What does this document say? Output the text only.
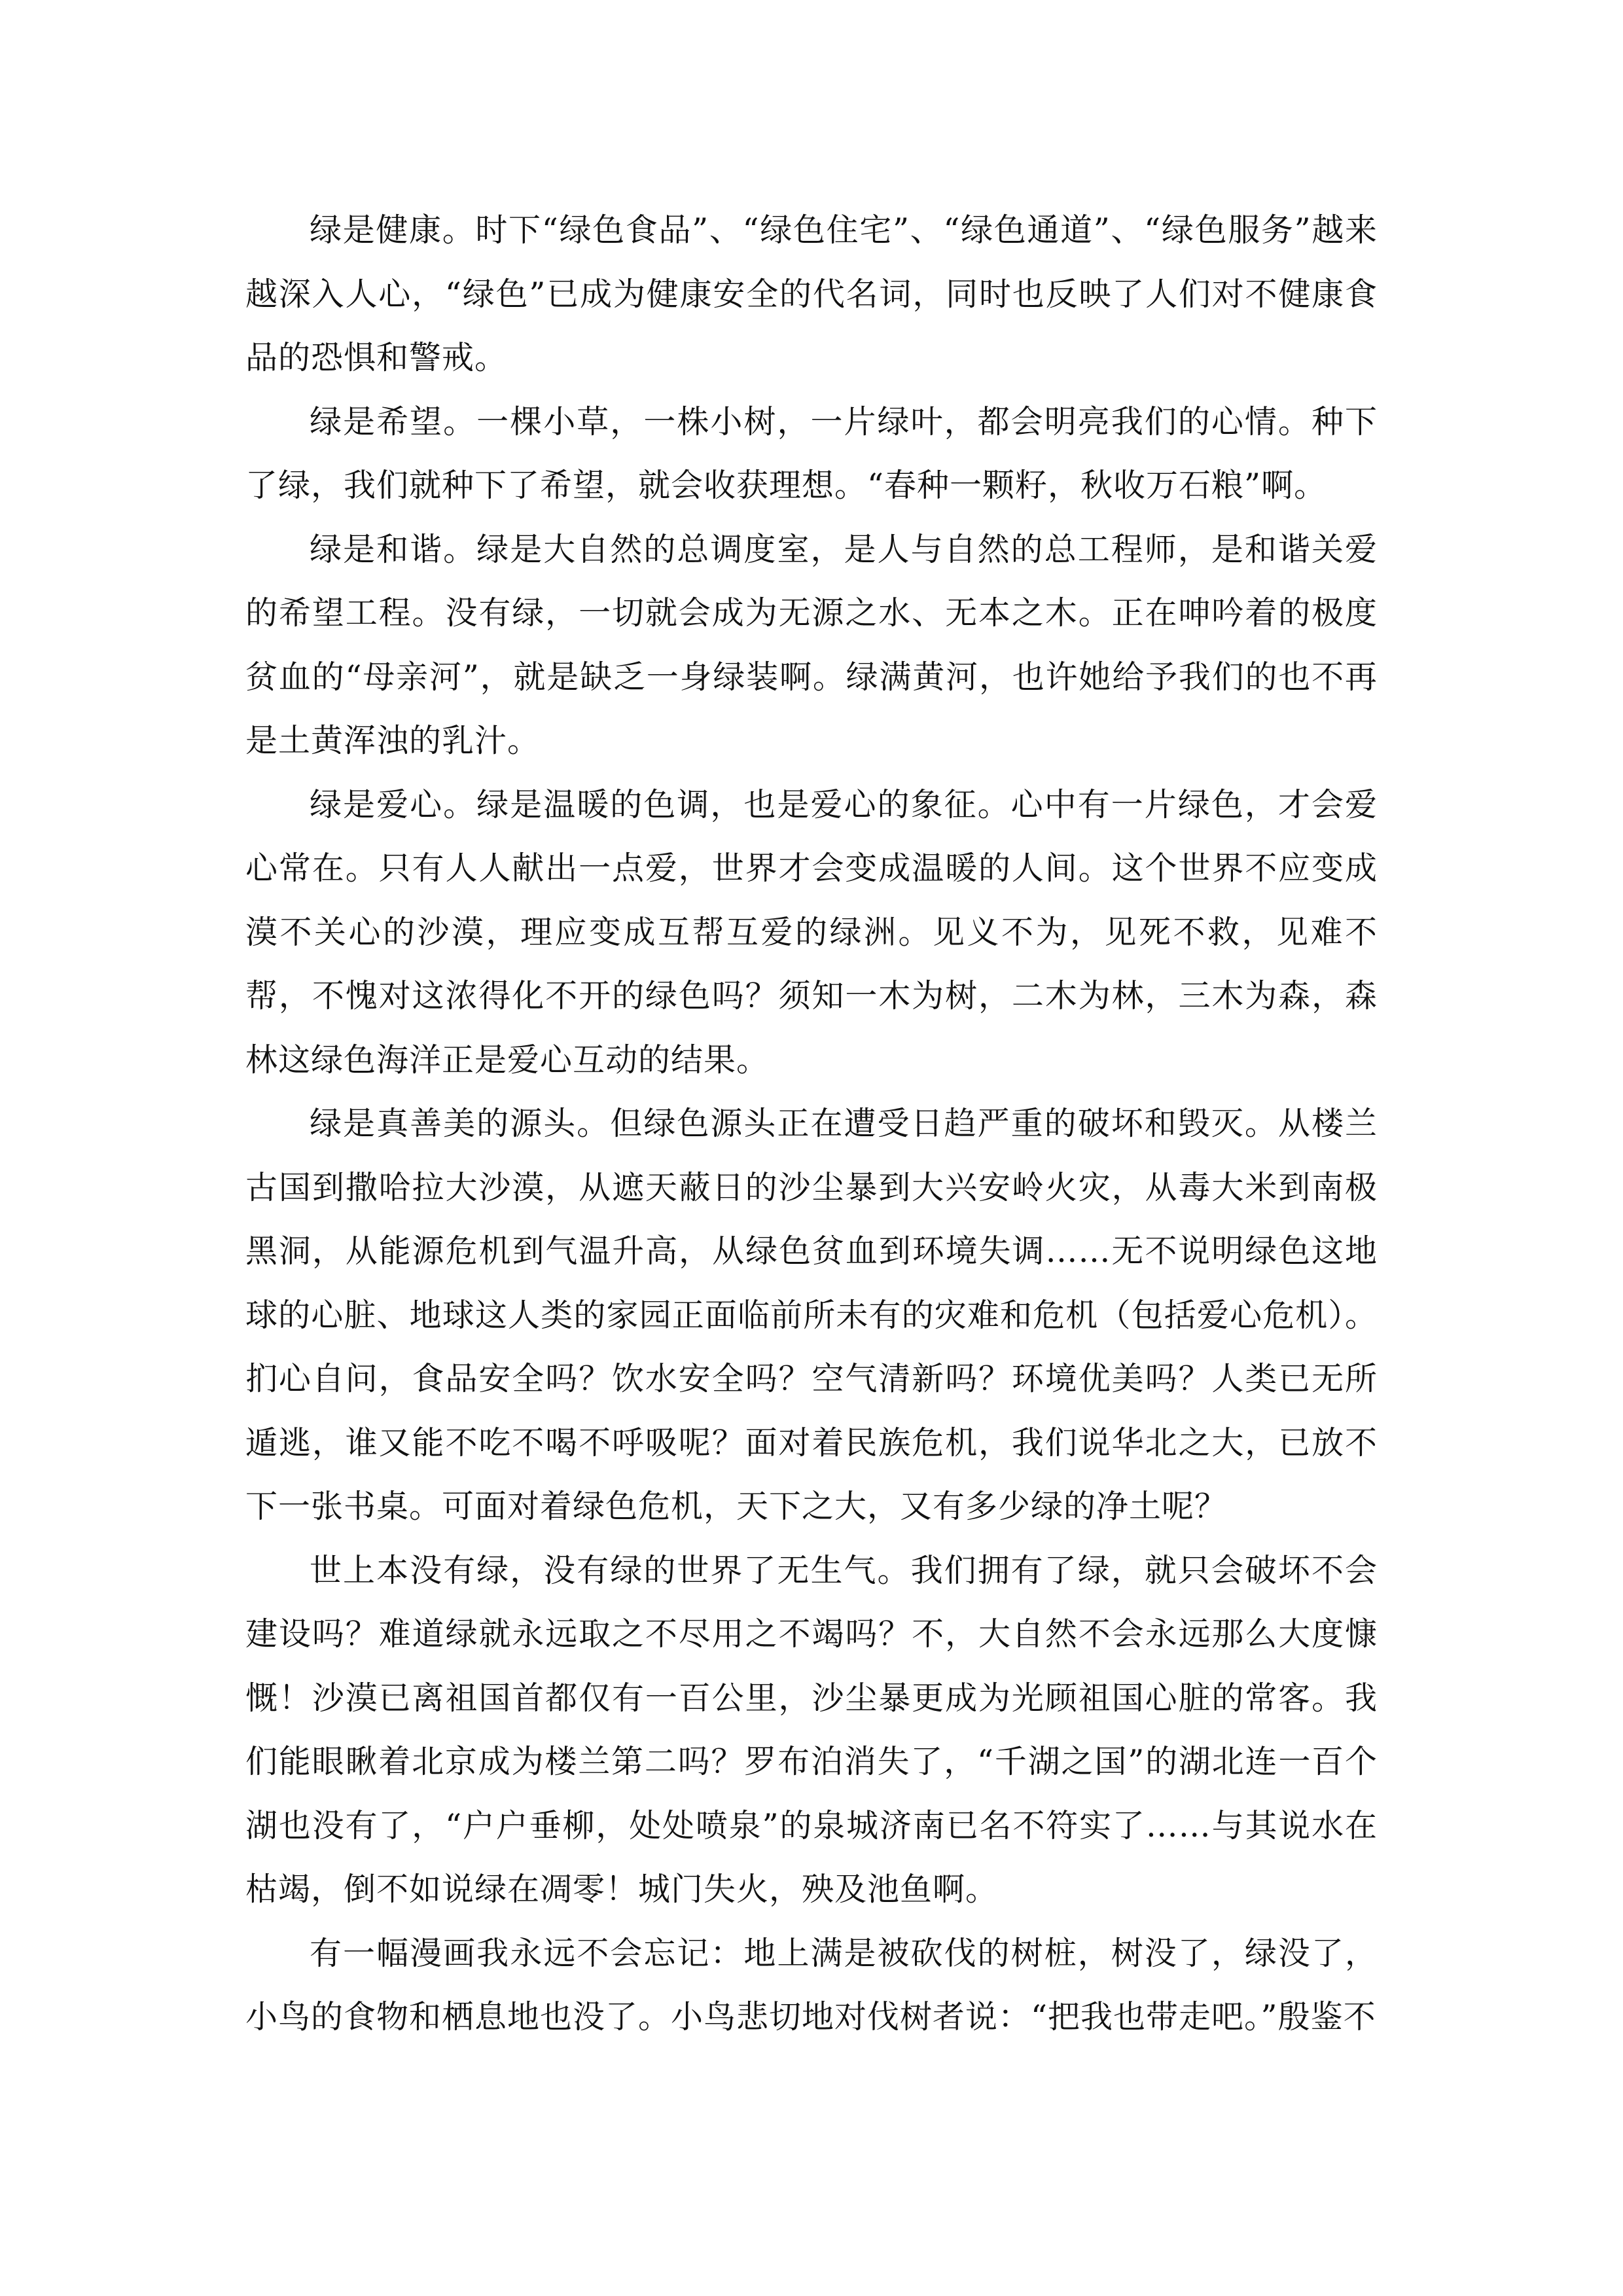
绿是健康。时下“绿色食品”、“绿色住宅”、“绿色通道”、“绿色服务”越来越深入人心，“绿色”已成为健康安全的代名词，同时也反映了人们对不健康食品的恐惧和警戒。

绿是希望。一棵小草，一株小树，一片绿叶，都会明亮我们的心情。种下了绿，我们就种下了希望，就会收获理想。“春种一颗籽，秋收万石粮”啊。

绿是和谐。绿是大自然的总调度室，是人与自然的总工程师，是和谐关爱的希望工程。没有绿，一切就会成为无源之水、无本之木。正在呻吟着的极度贫血的“母亲河”，就是缺乏一身绿装啊。绿满黄河，也许她给予我们的也不再是土黄浑浊的乳汁。

绿是爱心。绿是温暖的色调，也是爱心的象征。心中有一片绿色，才会爱心常在。只有人人献出一点爱，世界才会变成温暖的人间。这个世界不应变成漠不关心的沙漠，理应变成互帮互爱的绿洲。见义不为，见死不救，见难不帮，不愧对这浓得化不开的绿色吗？须知一木为树，二木为林，三木为森，森林这绿色海洋正是爱心互动的结果。

绿是真善美的源头。但绿色源头正在遭受日趋严重的破坏和毁灭。从楼兰古国到撒哈拉大沙漠，从遮天蔽日的沙尘暴到大兴安岭火灾，从毒大米到南极黑洞，从能源危机到气温升高，从绿色贫血到环境失调……无不说明绿色这地球的心脏、地球这人类的家园正面临前所未有的灾难和危机（包括爱心危机）。扪心自问，食品安全吗？饮水安全吗？空气清新吗？环境优美吗？人类已无所遁逃，谁又能不吃不喝不呼吸呢？面对着民族危机，我们说华北之大，已放不下一张书桌。可面对着绿色危机，天下之大，又有多少绿的净土呢？

世上本没有绿，没有绿的世界了无生气。我们拥有了绿，就只会破坏不会建设吗？难道绿就永远取之不尽用之不竭吗？不，大自然不会永远那么大度慷慨！沙漠已离祖国首都仅有一百公里，沙尘暴更成为光顾祖国心脏的常客。我们能眼瞅着北京成为楼兰第二吗？罗布泊消失了，“千湖之国”的湖北连一百个湖也没有了，“户户垂柳，处处喷泉”的泉城济南已名不符实了……与其说水在枯竭，倒不如说绿在凋零！城门失火，殃及池鱼啊。

有一幅漫画我永远不会忘记：地上满是被砍伐的树桩，树没了，绿没了，小鸟的食物和栖息地也没了。小鸟悲切地对伐树者说：“把我也带走吧。”殷鉴不
